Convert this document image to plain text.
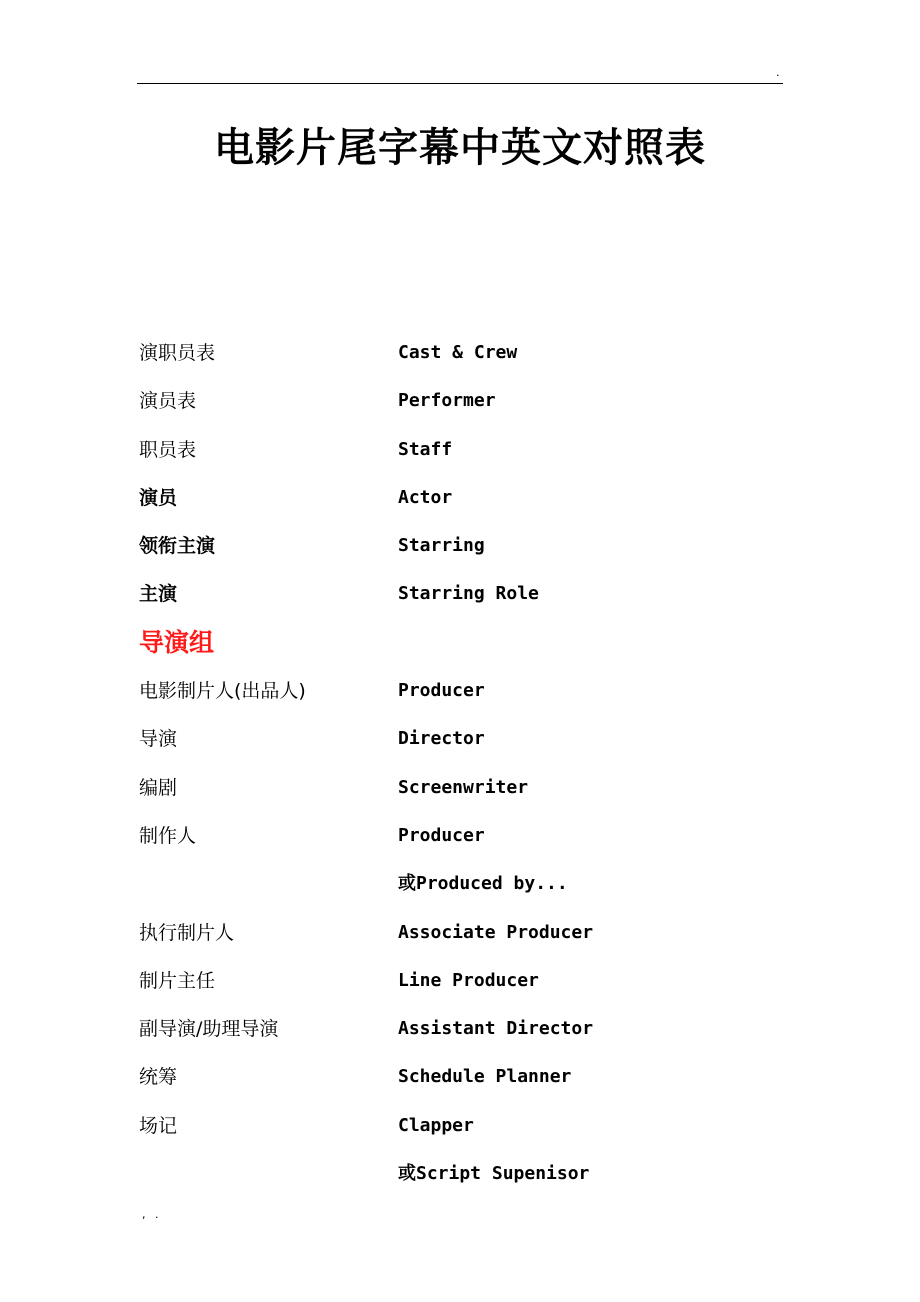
.
电影片尾字幕中英文对照表
演职员表	Cast & Crew
演员表	Performer
职员表	Staff
演员	Actor
领衔主演	Starring
主演	Starring Role
导演组
电影制片人(出品人)	Producer
导演	Director
编剧	Screenwriter
制作人	Producer
或Produced by...
执行制片人	Associate Producer
制片主任	Line Producer
副导演/助理导演	Assistant Director
统筹	Schedule Planner
场记	Clapper
或Script Supenisor
, .
